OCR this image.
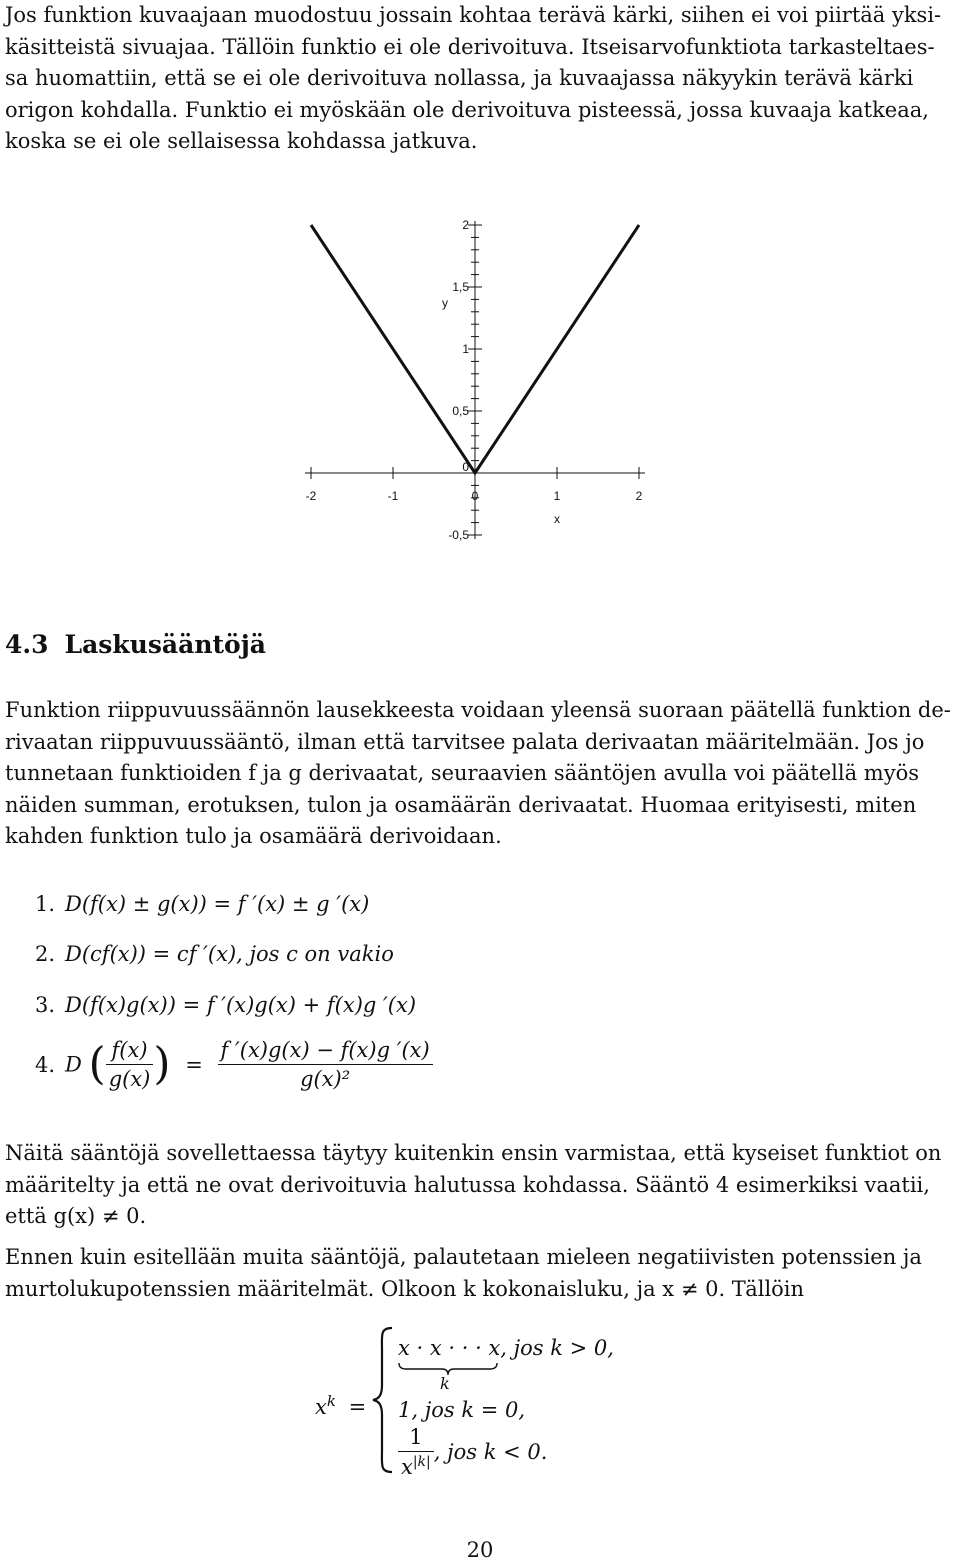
Jos funktion kuvaajaan muodostuu jossain kohtaa terävä kärki, siihen ei voi piirtää yksi-
käsitteistä sivuajaa. Tällöin funktio ei ole derivoituva. Itseisarvofunktiota tarkasteltaes-
sa huomattiin, että se ei ole derivoituva nollassa, ja kuvaajassa näkyykin terävä kärki
origon kohdalla. Funktio ei myöskään ole derivoituva pisteessä, jossa kuvaaja katkeaa,
koska se ei ole sellaisessa kohdassa jatkuva.
-2	-1	0	1	2
2
1,5
1
0,5
0
-0,5
x
y
4.3 Laskusääntöjä
Funktion riippuvuussäännön lausekkeesta voidaan yleensä suoraan päätellä funktion de-
rivaatan riippuvuussääntö, ilman että tarvitsee palata derivaatan määritelmään. Jos jo
tunnetaan funktioiden f ja g derivaatat, seuraavien sääntöjen avulla voi päätellä myös
näiden summan, erotuksen, tulon ja osamäärän derivaatat. Huomaa erityisesti, miten
kahden funktion tulo ja osamäärä derivoidaan.
1. D(f(x) ± g(x)) = f ′(x) ± g ′(x)
2. D(cf(x)) = cf ′(x), jos c on vakio
3. D(f(x)g(x)) = f ′(x)g(x) + f(x)g ′(x)
4. D ( $\frac{f(x)}{g(x)}$ ) = $\frac{f '(x)g(x) - f(x)g '(x)}{\text{g(x)²}}$
Näitä sääntöjä sovellettaessa täytyy kuitenkin ensin varmistaa, että kyseiset funktiot on
määritelty ja että ne ovat derivoituvia halutussa kohdassa. Sääntö 4 esimerkiksi vaatii,
että g(x) ≠ 0.
Ennen kuin esitellään muita sääntöjä, palautetaan mieleen negatiivisten potenssien ja
murtolukupotenssien määritelmät. Olkoon k kokonaisluku, ja x ≠ 0. Tällöin
$x^k$ =
x · x · · · x, jos k > 0,
k
1, jos k = 0,
$\frac{1}{x^{|k|}}$ , jos k < 0.
20
